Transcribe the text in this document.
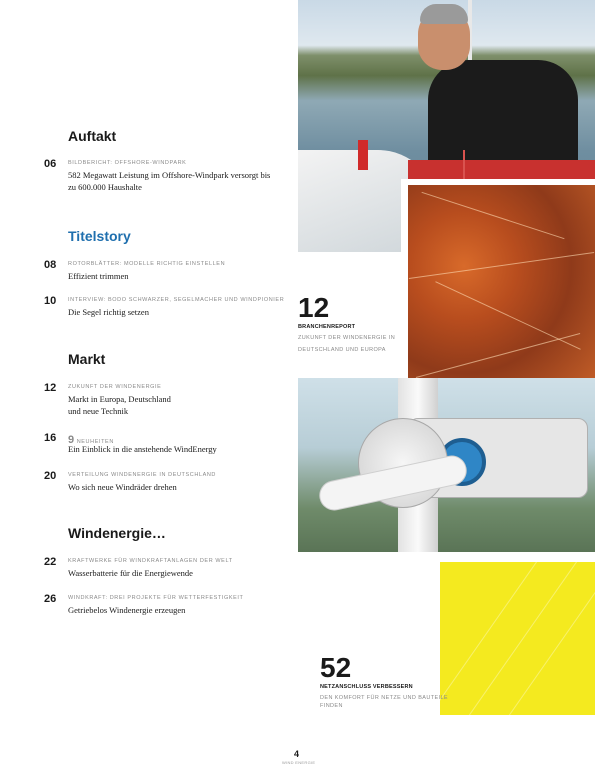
Auftakt
Titelstory
Markt
Windenergie…
06 BILDBERICHT: OFFSHORE-WINDPARK
582 Megawatt Leistung im Offshore-Windpark versorgt bis zu 600.000 Haushalte
08 ROTORBLÄTTER: MODELLE RICHTIG EINSTELLEN
Effizient trimmen
10 INTERVIEW: BODO SCHWARZER, SEGELMACHER UND WINDPIONIER
Die Segel richtig setzen
12 ZUKUNFT DER WINDENERGIE
Markt in Europa, Deutschland und neue Technik
16 9 NEUHEITEN
Ein Einblick in die anstehende WindEnergy
20 VERTEILUNG WINDENERGIE IN DEUTSCHLAND
Wo sich neue Windräder drehen
22 KRAFTWERKE FÜR WINDKRAFTANLAGEN DER WELT
Wasserbatterie für die Energiewende
26 WINDKRAFT: DREI PROJEKTE FÜR WETTERFESTIGKEIT
Getriebelos Windenergie erzeugen
12
BRANCHENREPORT
ZUKUNFT DER WINDENERGIE IN
DEUTSCHLAND UND EUROPA
52
NETZANSCHLUSS VERBESSERN
DEN KOMFORT FÜR NETZE UND BAUTEILE FINDEN
4
WIND ENERGIE
